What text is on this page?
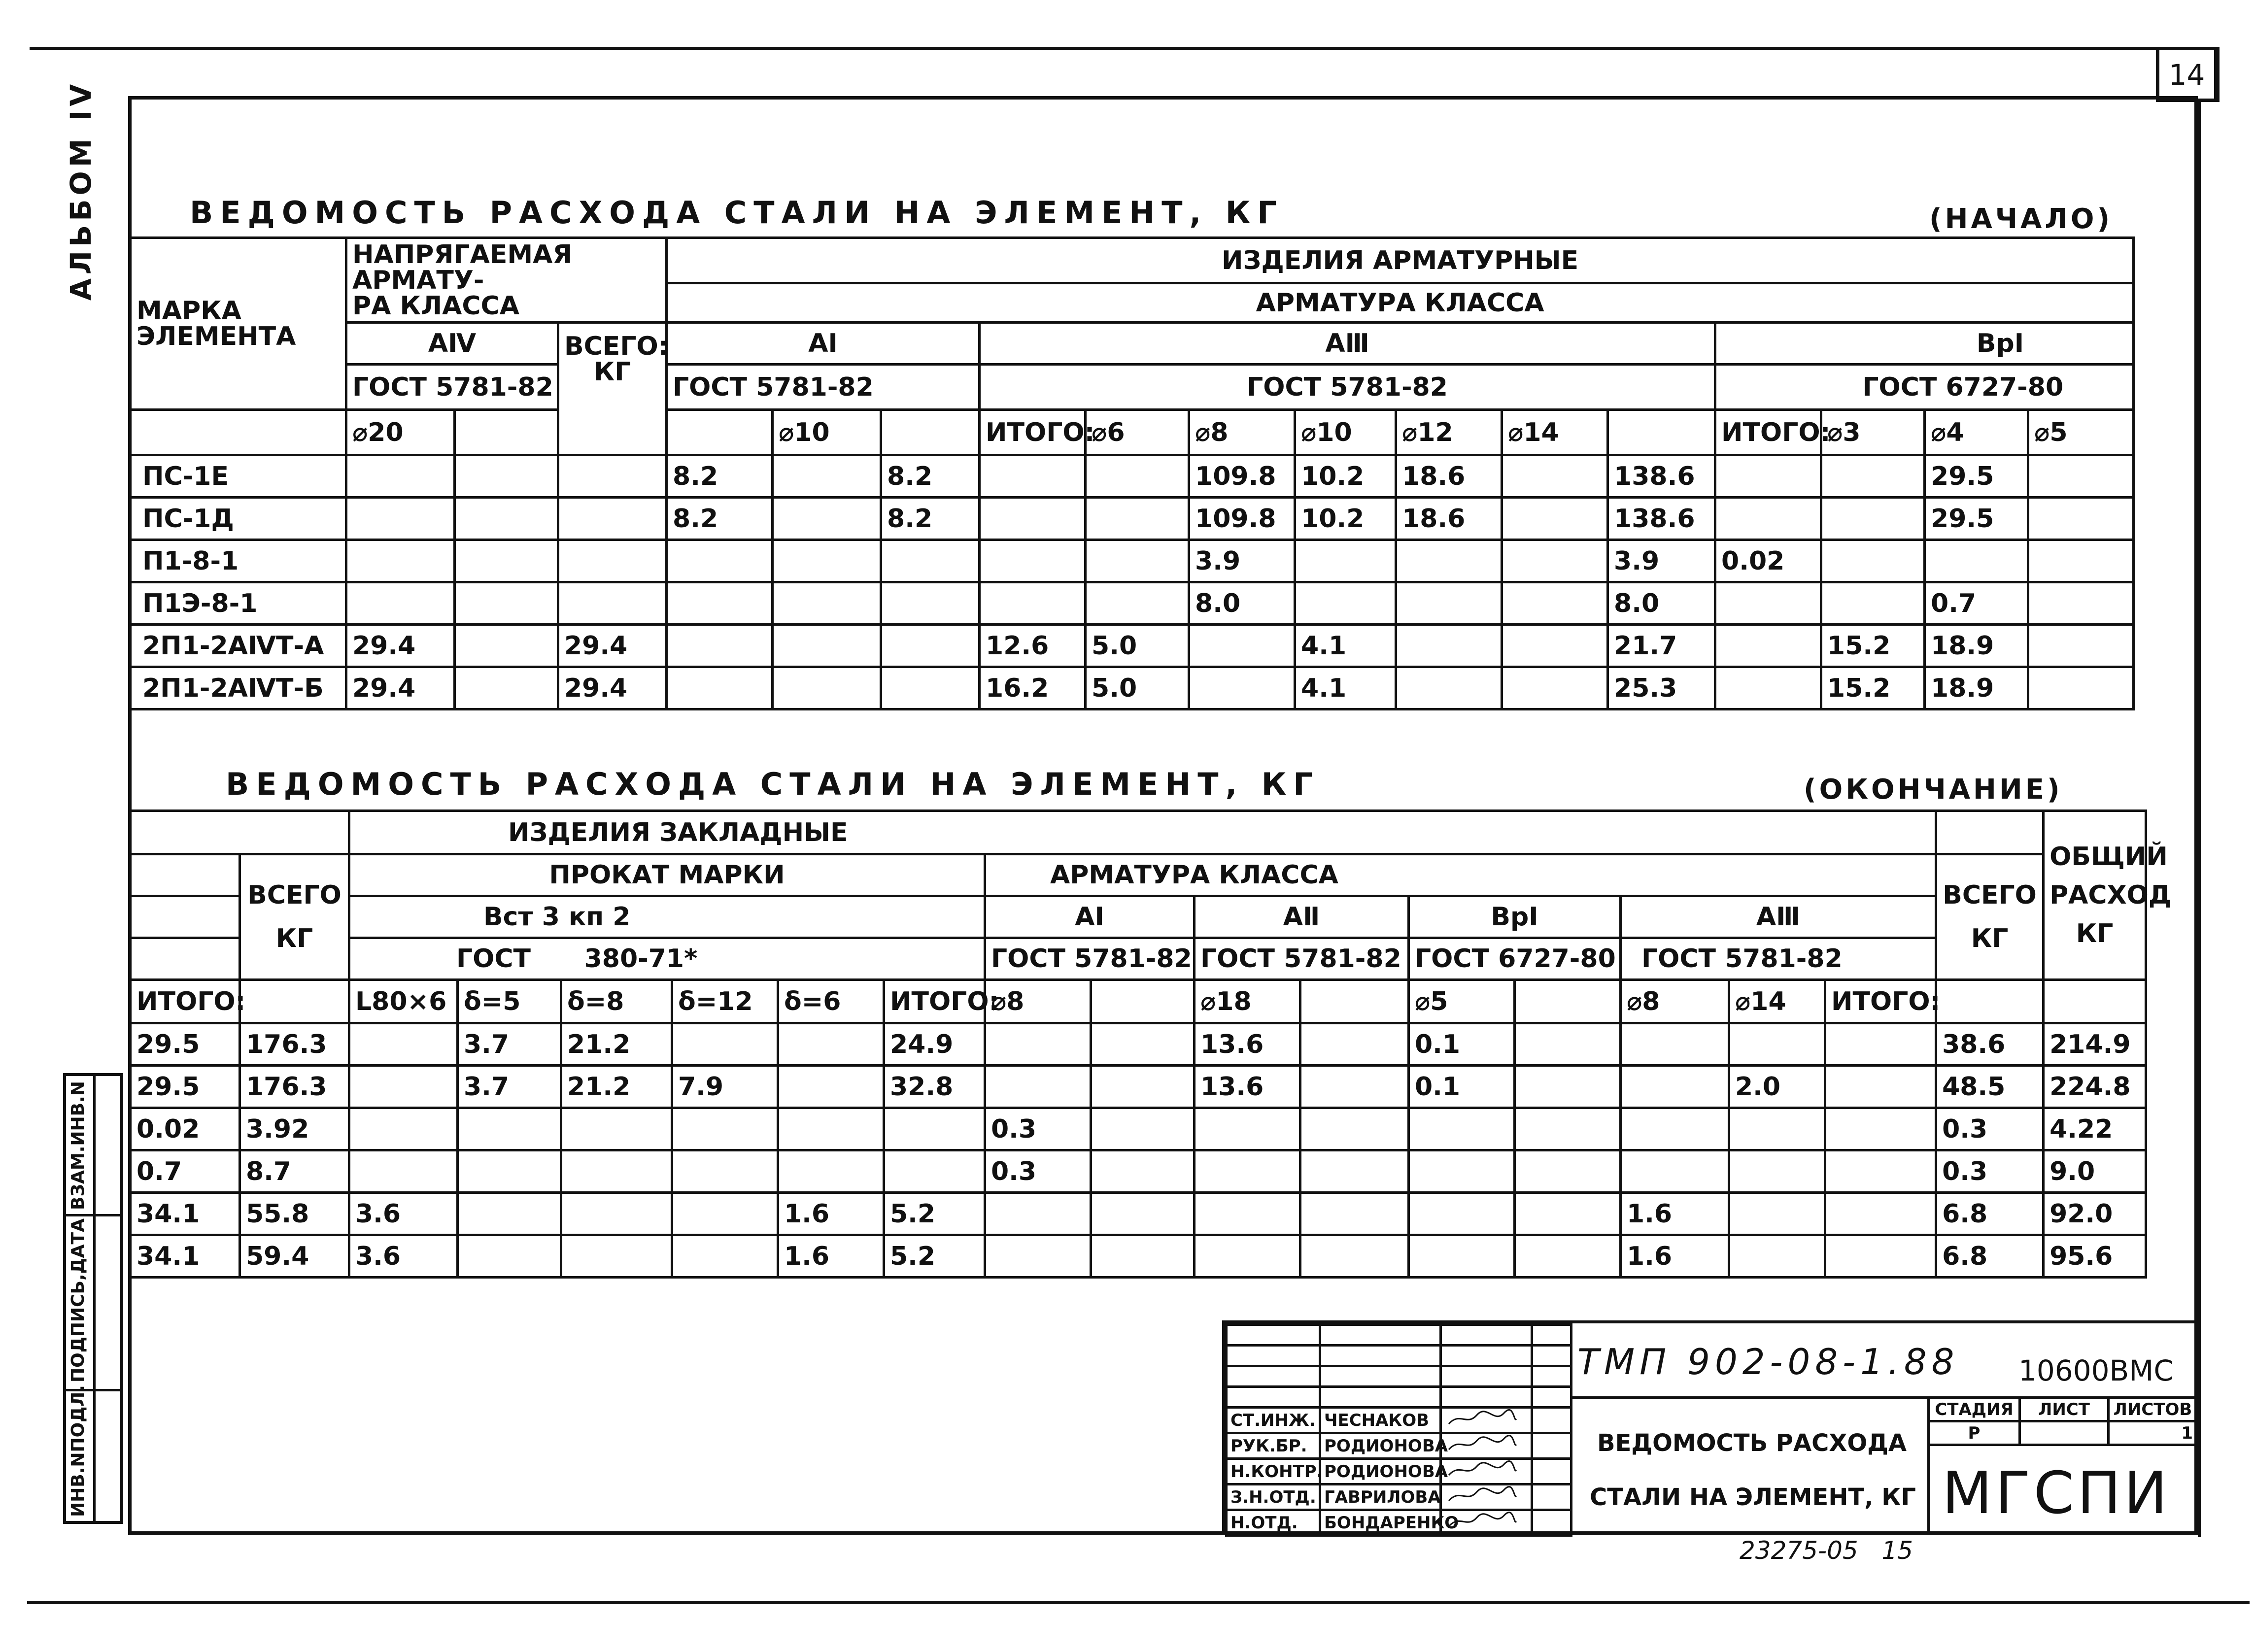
14
АЛЬБОМ IV	ВЕДОМОСТЬ РАСХОДА СТАЛИ НА ЭЛЕМЕНТ, КГ	(НАЧАЛО)
МАРКА
ЭЛЕМЕНТА	НАПРЯГАЕМАЯ АРМАТУ-
РА КЛАССА			ИЗДЕЛИЯ АРМАТУРНЫЕ														
				АРМАТУРА КЛАССА														
	AⅣ		ВСЕГО:
КГ	AI			AⅢ							ВрI				
	ГОСТ 5781-82			ГОСТ 5781-82			ГОСТ 5781-82							ГОСТ 6727-80				
	⌀20				⌀10		ИТОГО:	⌀6	⌀8	⌀10	⌀12	⌀14		ИТОГО:	⌀3	⌀4	⌀5	
ПС-1Е				8.2		8.2			109.8	10.2	18.6		138.6			29.5		
ПС-1Д				8.2		8.2			109.8	10.2	18.6		138.6			29.5		
П1-8-1									3.9				3.9	0.02				
П1Э-8-1									8.0				8.0			0.7		
2П1-2AⅣТ-А	29.4		29.4				12.6	5.0		4.1			21.7		15.2	18.9		
2П1-2AⅣТ-Б	29.4		29.4				16.2	5.0		4.1			25.3		15.2	18.9		
ВЕДОМОСТЬ РАСХОДА СТАЛИ НА ЭЛЕМЕНТ, КГ	(ОКОНЧАНИЕ)
		ИЗДЕЛИЯ ЗАКЛАДНЫЕ																ОБЩИЙ
РАСХОД
КГ
	ВСЕГО
КГ	ПРОКАТ МАРКИ						АРМАТУРА КЛАССА									ВСЕГО
КГ	
		Вст 3 кп 2						AI		AⅡ		ВрI		AⅢ				
		ГОСТ      380-71*						ГОСТ 5781-82		ГОСТ 5781-82		ГОСТ 6727-80		ГОСТ 5781-82				
ИТОГО:		L80×6	δ=5	δ=8	δ=12	δ=6	ИТОГО:	⌀8		⌀18		⌀5		⌀8	⌀14	ИТОГО:		
29.5	176.3		3.7	21.2			24.9			13.6		0.1					38.6	214.9
29.5	176.3		3.7	21.2	7.9		32.8			13.6		0.1			2.0		48.5	224.8
0.02	3.92							0.3									0.3	4.22
0.7	8.7							0.3									0.3	9.0
34.1	55.8	3.6				1.6	5.2							1.6			6.8	92.0
34.1	59.4	3.6				1.6	5.2							1.6			6.8	95.6
ВЗАМ.ИНВ.N
ПОДПИСЬ,ДАТА
ИНВ.NПОДЛ.

				СТ.ИНЖ.	ЧЕСНАКОВ		
РУК.БР.	РОДИОНОВА		
Н.КОНТР.	РОДИОНОВА		
З.Н.ОТД.	ГАВРИЛОВА		
Н.ОТД.	БОНДАРЕНКО		
ТМП 902-08-1.88 10600ВМС
ВЕДОМОСТЬ РАСХОДА
СТАЛИ НА ЭЛЕМЕНТ, КГ
СТАДИЯ	ЛИСТ	ЛИСТОВ
Р		1
МГСПИ
23275-05   15
